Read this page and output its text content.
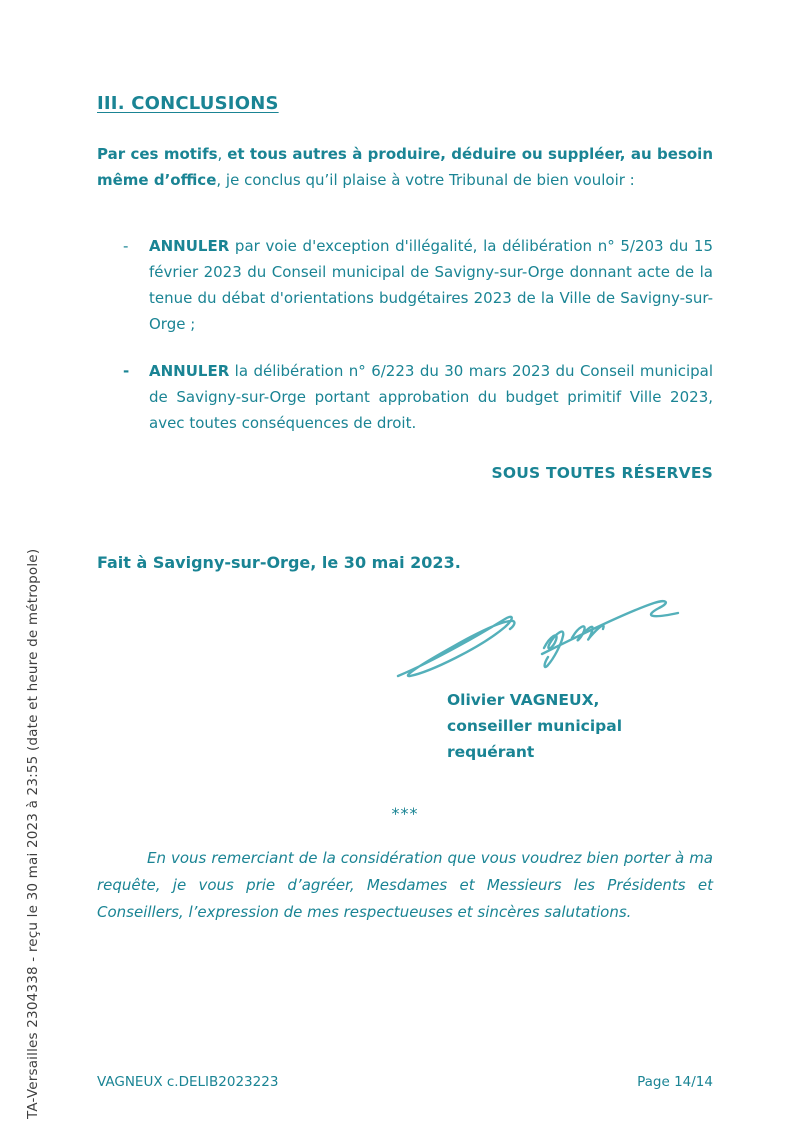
III. CONCLUSIONS

Par ces motifs, et tous autres à produire, déduire ou suppléer, au besoin même d’office, je conclus qu’il plaise à votre Tribunal de bien vouloir :

-	ANNULER par voie d'exception d'illégalité, la délibération n° 5/203 du 15 février 2023 du Conseil municipal de Savigny-sur-Orge donnant acte de la tenue du débat d'orientations budgétaires 2023 de la Ville de Savigny-sur-Orge ;

-	ANNULER la délibération n° 6/223 du 30 mars 2023 du Conseil municipal de Savigny-sur-Orge portant approbation du budget primitif Ville 2023, avec toutes conséquences de droit.

SOUS TOUTES RÉSERVES

Fait à Savigny-sur-Orge, le 30 mai 2023.

Olivier VAGNEUX,
conseiller municipal
requérant

***

En vous remerciant de la considération que vous voudrez bien porter à ma requête, je vous prie d’agréer, Mesdames et Messieurs les Présidents et Conseillers, l’expression de mes respectueuses et sincères salutations.

VAGNEUX c.DELIB2023223	Page 14/14

TA-Versailles 2304338 - reçu le 30 mai 2023 à 23:55 (date et heure de métropole)
